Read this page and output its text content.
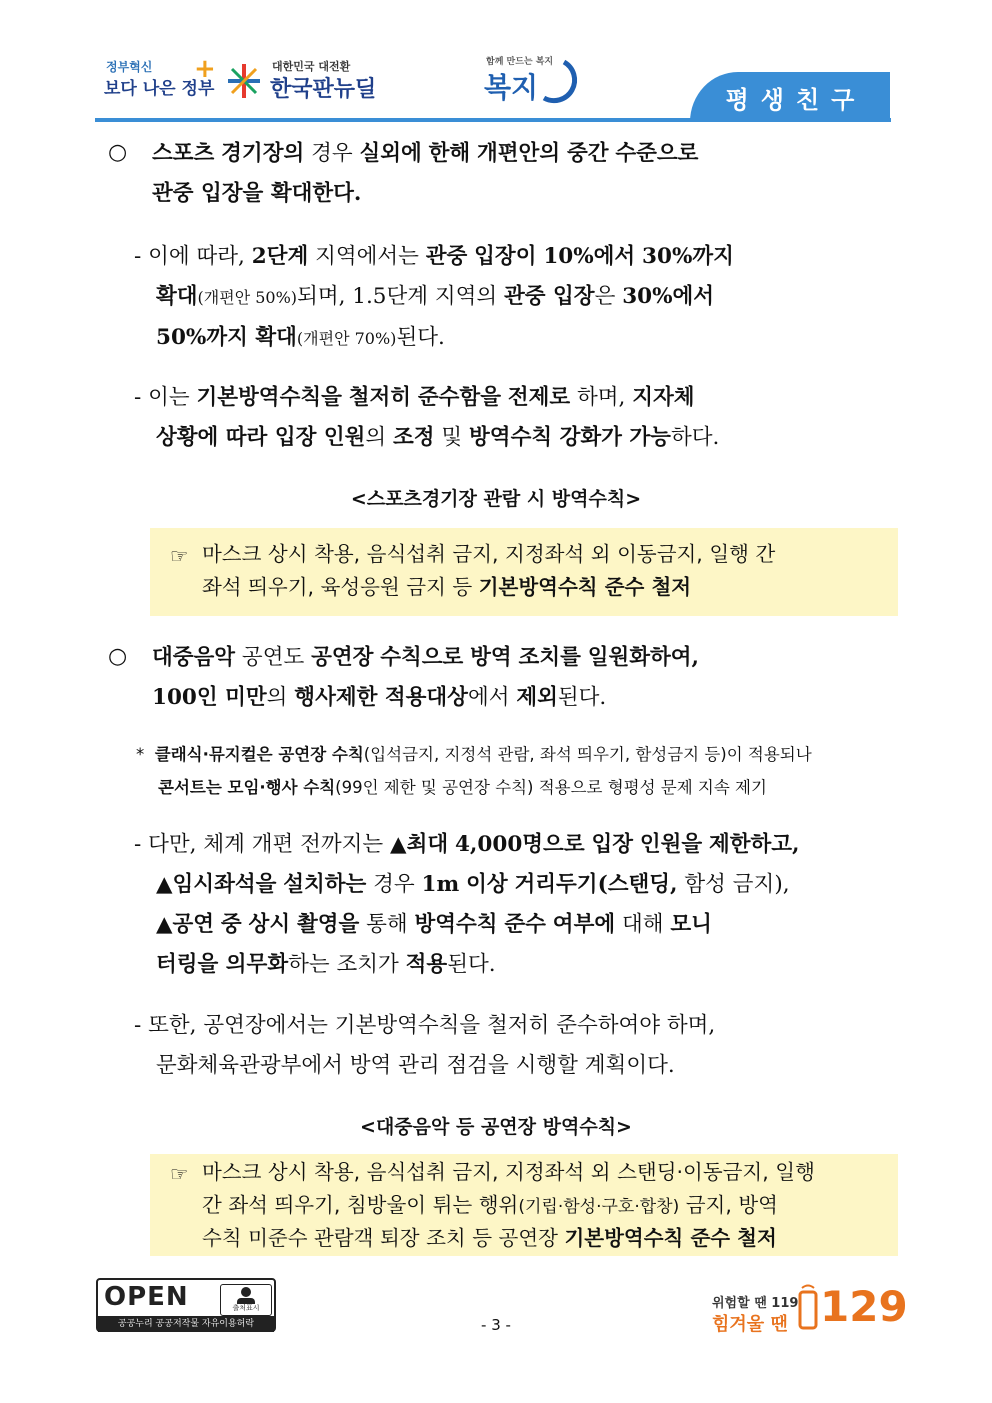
정부혁신
보다 나은 정부
+	대한민국 대전환
한국판뉴딜
함께 만드는 복지
복지	평생친구
○ 스포츠 경기장의 경우 실외에 한해 개편안의 중간 수준으로
관중 입장을 확대한다.
- 이에 따라, 2단계 지역에서는 관중 입장이 10%에서 30%까지
확대(개편안 50%)되며, 1.5단계 지역의 관중 입장은 30%에서
50%까지 확대(개편안 70%)된다.
- 이는 기본방역수칙을 철저히 준수함을 전제로 하며, 지자체
상황에 따라 입장 인원의 조정 및 방역수칙 강화가 가능하다.
<스포츠경기장 관람 시 방역수칙>
☞ 마스크 상시 착용, 음식섭취 금지, 지정좌석 외 이동금지, 일행 간
좌석 띄우기, 육성응원 금지 등 기본방역수칙 준수 철저
○ 대중음악 공연도 공연장 수칙으로 방역 조치를 일원화하여,
100인 미만의 행사제한 적용대상에서 제외된다.
* 클래식·뮤지컬은 공연장 수칙(입석금지, 지정석 관람, 좌석 띄우기, 함성금지 등)이 적용되나
콘서트는 모임·행사 수칙(99인 제한 및 공연장 수칙) 적용으로 형평성 문제 지속 제기
- 다만, 체계 개편 전까지는 ▲최대 4,000명으로 입장 인원을 제한하고,
▲임시좌석을 설치하는 경우 1m 이상 거리두기(스탠딩, 함성 금지),
▲공연 중 상시 촬영을 통해 방역수칙 준수 여부에 대해 모니
터링을 의무화하는 조치가 적용된다.
- 또한, 공연장에서는 기본방역수칙을 철저히 준수하여야 하며,
문화체육관광부에서 방역 관리 점검을 시행할 계획이다.
<대중음악 등 공연장 방역수칙>
☞ 마스크 상시 착용, 음식섭취 금지, 지정좌석 외 스탠딩·이동금지, 일행
간 좌석 띄우기, 침방울이 튀는 행위(기립·함성·구호·합창) 금지, 방역
수칙 미준수 관람객 퇴장 조치 등 공연장 기본방역수칙 준수 철저
OPEN	출처표시
공공누리 공공저작물 자유이용허락	- 3 -
위험할 땐 119
힘겨울 땐 129
